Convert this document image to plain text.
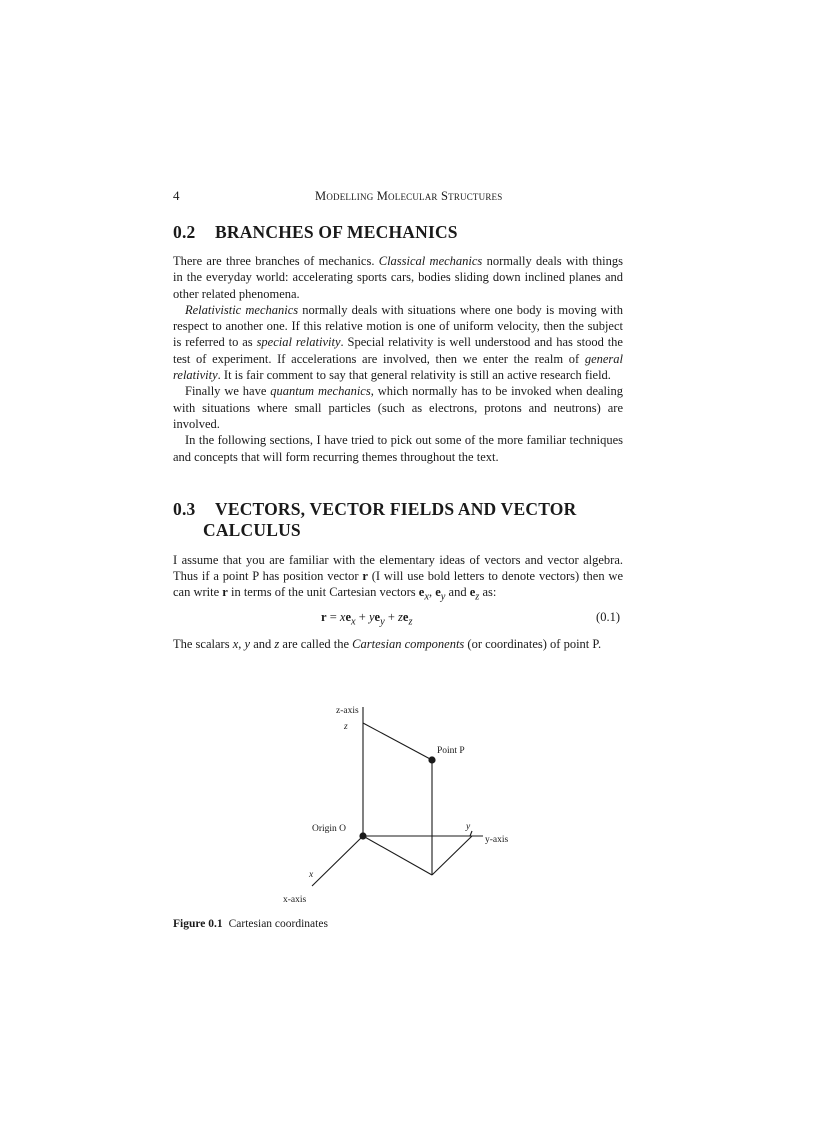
4	Modelling Molecular Structures
0.2 BRANCHES OF MECHANICS

There are three branches of mechanics. Classical mechanics normally deals with things in the everyday world: accelerating sports cars, bodies sliding down inclined planes and other related phenomena.

Relativistic mechanics normally deals with situations where one body is moving with respect to another one. If this relative motion is one of uniform velocity, then the subject is referred to as special relativity. Special relativity is well understood and has stood the test of experiment. If accelerations are involved, then we enter the realm of general relativity. It is fair comment to say that general relativity is still an active research field.

Finally we have quantum mechanics, which normally has to be invoked when dealing with situations where small particles (such as electrons, protons and neutrons) are involved.

In the following sections, I have tried to pick out some of the more familiar techniques and concepts that will form recurring themes throughout the text.

0.3 VECTORS, VECTOR FIELDS AND VECTOR
CALCULUS

I assume that you are familiar with the elementary ideas of vectors and vector algebra. Thus if a point P has position vector r (I will use bold letters to denote vectors) then we can write r in terms of the unit Cartesian vectors $e_x$, $e_y$ and $e_z$ as:

$r = xe_x + ye_y + ze_z$	(0.1)

The scalars x, y and z are called the Cartesian components (or coordinates) of point P.

z-axis
z
Point P
Origin O	y
y-axis
x
x-axis
Figure 0.1 Cartesian coordinates
